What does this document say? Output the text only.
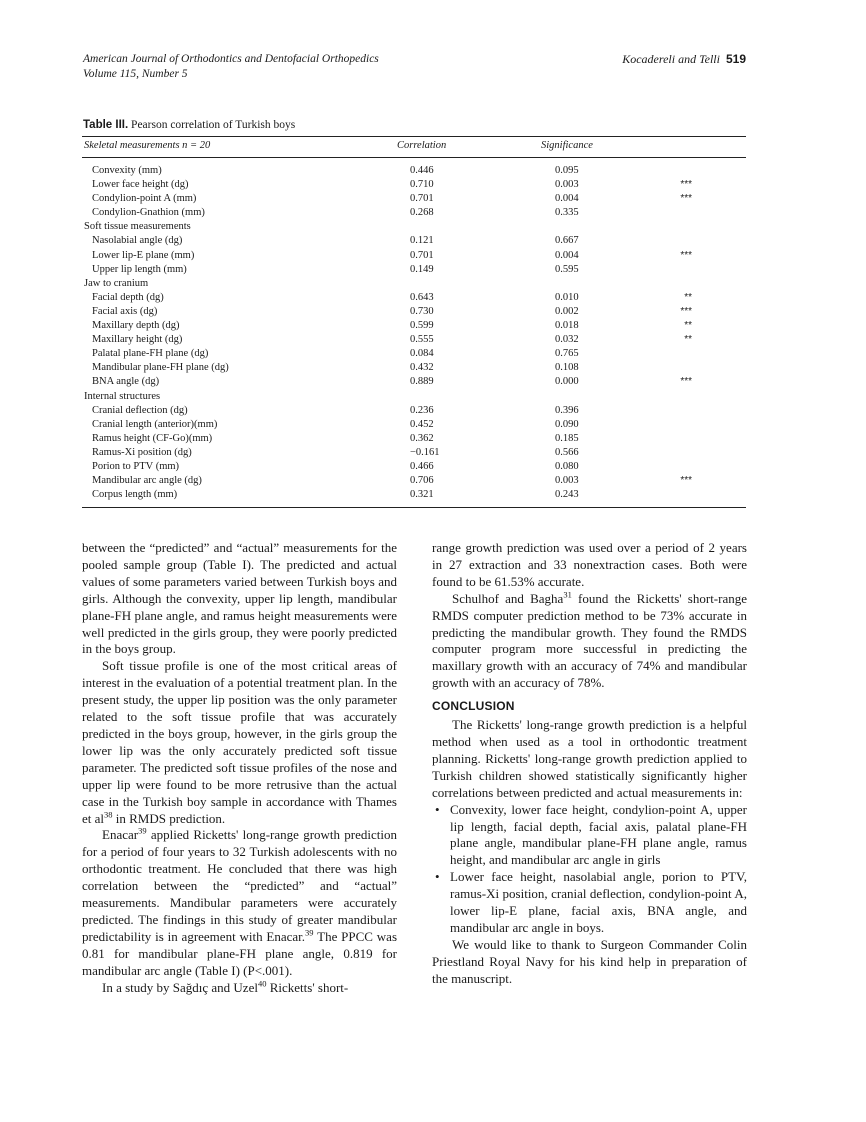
American Journal of Orthodontics and Dentofacial Orthopedics
Volume 115, Number 5
Kocadereli and Telli 519
Table III. Pearson correlation of Turkish boys
Skeletal measurements n = 20	Correlation	Significance
Convexity (mm)	0.446	0.095
Lower face height (dg)	0.710	0.003	***
Condylion-point A (mm)	0.701	0.004	***
Condylion-Gnathion (mm)	0.268	0.335
Soft tissue measurements
Nasolabial angle (dg)	0.121	0.667
Lower lip-E plane (mm)	0.701	0.004	***
Upper lip length (mm)	0.149	0.595
Jaw to cranium
Facial depth (dg)	0.643	0.010	**
Facial axis (dg)	0.730	0.002	***
Maxillary depth (dg)	0.599	0.018	**
Maxillary height (dg)	0.555	0.032	**
Palatal plane-FH plane (dg)	0.084	0.765
Mandibular plane-FH plane (dg)	0.432	0.108
BNA angle (dg)	0.889	0.000	***
Internal structures
Cranial deflection (dg)	0.236	0.396
Cranial length (anterior)(mm)	0.452	0.090
Ramus height (CF-Go)(mm)	0.362	0.185
Ramus-Xi position (dg)	−0.161	0.566
Porion to PTV (mm)	0.466	0.080
Mandibular arc angle (dg)	0.706	0.003	***
Corpus length (mm)	0.321	0.243

between the “predicted” and “actual” measurements for the pooled sample group (Table I). The predicted and actual values of some parameters varied between Turkish boys and girls. Although the convexity, upper lip length, mandibular plane-FH plane angle, and ramus height measurements were well predicted in the girls group, they were poorly predicted in the boys group.

Soft tissue profile is one of the most critical areas of interest in the evaluation of a potential treatment plan. In the present study, the upper lip position was the only parameter related to the soft tissue profile that was accurately predicted in the boys group, however, in the girls group the lower lip was the only accurately predicted soft tissue parameter. The predicted soft tissue profiles of the nose and upper lip were found to be more retrusive than the actual case in the Turkish boy sample in accordance with Thames et $al^{38}$ in RMDS prediction.

Enacar$^{39}$ applied Ricketts' long-range growth prediction for a period of four years to 32 Turkish adolescents with no orthodontic treatment. He concluded that there was high correlation between the “predicted” and “actual” measurements. Mandibular parameters were accurately predicted. The findings in this study of greater mandibular predictability is in agreement with Enacar.$^{39}$ The PPCC was 0.81 for mandibular plane-FH plane angle, 0.819 for mandibular arc angle (Table I) (P<.001).

In a study by Sağdıç and Uzel$^{40}$ Ricketts' short-

range growth prediction was used over a period of 2 years in 27 extraction and 33 nonextraction cases. Both were found to be 61.53% accurate.

Schulhof and Bagha$^{31}$ found the Ricketts' short-range RMDS computer prediction method to be 73% accurate in predicting the mandibular growth. They found the RMDS computer program more successful in predicting the maxillary growth with an accuracy of 74% and mandibular growth with an accuracy of 78%.

CONCLUSION

The Ricketts' long-range growth prediction is a helpful method when used as a tool in orthodontic treatment planning. Ricketts' long-range growth prediction applied to Turkish children showed statistically significantly higher correlations between predicted and actual measurements in:

• Convexity, lower face height, condylion-point A, upper lip length, facial depth, facial axis, palatal plane-FH plane angle, mandibular plane-FH plane angle, ramus height, and mandibular arc angle in girls
• Lower face height, nasolabial angle, porion to PTV, ramus-Xi position, cranial deflection, condylion-point A, lower lip-E plane, facial axis, BNA angle, and mandibular arc angle in boys.

We would like to thank to Surgeon Commander Colin Priestland Royal Navy for his kind help in preparation of the manuscript.
